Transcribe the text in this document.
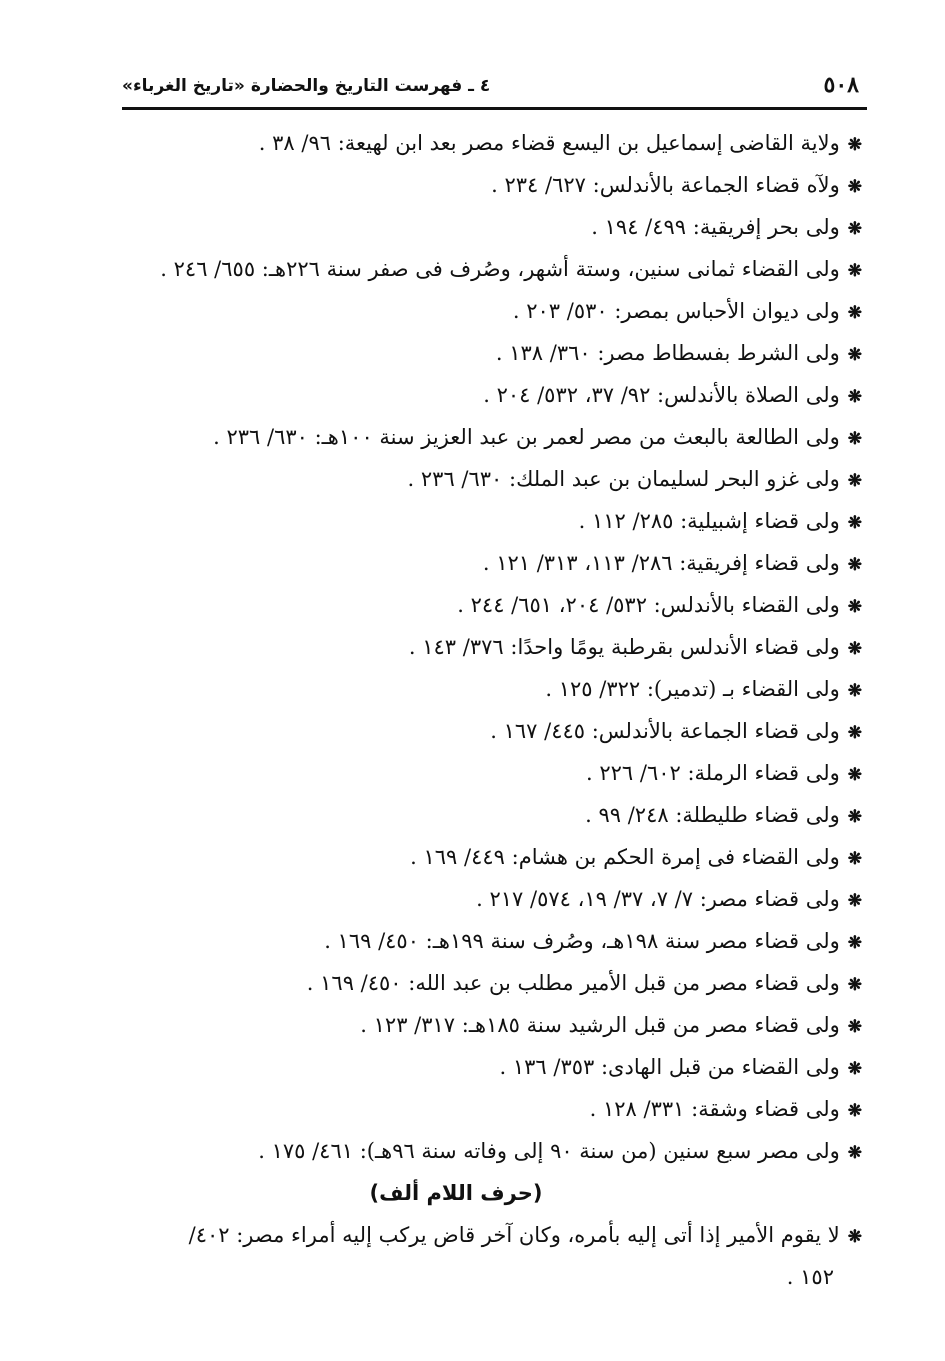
٥٠٨
٤ ـ فهرست التاريخ والحضارة «تاريخ الغرباء»
❋ولاية القاضى إسماعيل بن اليسع قضاء مصر بعد ابن لهيعة: ٩٦/ ٣٨ .
❋ولآه قضاء الجماعة بالأندلس: ٦٢٧/ ٢٣٤ .
❋ولى بحر إفريقية: ٤٩٩/ ١٩٤ .
❋ولى القضاء ثمانى سنين، وستة أشهر، وصُرف فى صفر سنة ٢٢٦هـ: ٦٥٥/ ٢٤٦ .
❋ولى ديوان الأحباس بمصر: ٥٣٠/ ٢٠٣ .
❋ولى الشرط بفسطاط مصر: ٣٦٠/ ١٣٨ .
❋ولى الصلاة بالأندلس: ٩٢/ ٣٧، ٥٣٢/ ٢٠٤ .
❋ولى الطالعة بالبعث من مصر لعمر بن عبد العزيز سنة ١٠٠هـ: ٦٣٠/ ٢٣٦ .
❋ولى غزو البحر لسليمان بن عبد الملك: ٦٣٠/ ٢٣٦ .
❋ولى قضاء إشبيلية: ٢٨٥/ ١١٢ .
❋ولى قضاء إفريقية: ٢٨٦/ ١١٣، ٣١٣/ ١٢١ .
❋ولى القضاء بالأندلس: ٥٣٢/ ٢٠٤، ٦٥١/ ٢٤٤ .
❋ولى قضاء الأندلس بقرطبة يومًا واحدًا: ٣٧٦/ ١٤٣ .
❋ولى القضاء بـ (تدمير): ٣٢٢/ ١٢٥ .
❋ولى قضاء الجماعة بالأندلس: ٤٤٥/ ١٦٧ .
❋ولى قضاء الرملة: ٦٠٢/ ٢٢٦ .
❋ولى قضاء طليطلة: ٢٤٨/ ٩٩ .
❋ولى القضاء فى إمرة الحكم بن هشام: ٤٤٩/ ١٦٩ .
❋ولى قضاء مصر: ٧/ ٧، ٣٧/ ١٩، ٥٧٤/ ٢١٧ .
❋ولى قضاء مصر سنة ١٩٨هـ، وصُرف سنة ١٩٩هـ: ٤٥٠/ ١٦٩ .
❋ولى قضاء مصر من قبل الأمير مطلب بن عبد الله: ٤٥٠/ ١٦٩ .
❋ولى قضاء مصر من قبل الرشيد سنة ١٨٥هـ: ٣١٧/ ١٢٣ .
❋ولى القضاء من قبل الهادى: ٣٥٣/ ١٣٦ .
❋ولى قضاء وشقة: ٣٣١/ ١٢٨ .
❋ولى مصر سبع سنين (من سنة ٩٠ إلى وفاته سنة ٩٦هـ): ٤٦١/ ١٧٥ .
(حرف اللام ألف)
❋لا يقوم الأمير إذا أتى إليه بأمره، وكان آخر قاض يركب إليه أمراء مصر: ٤٠٢/
١٥٢ .
